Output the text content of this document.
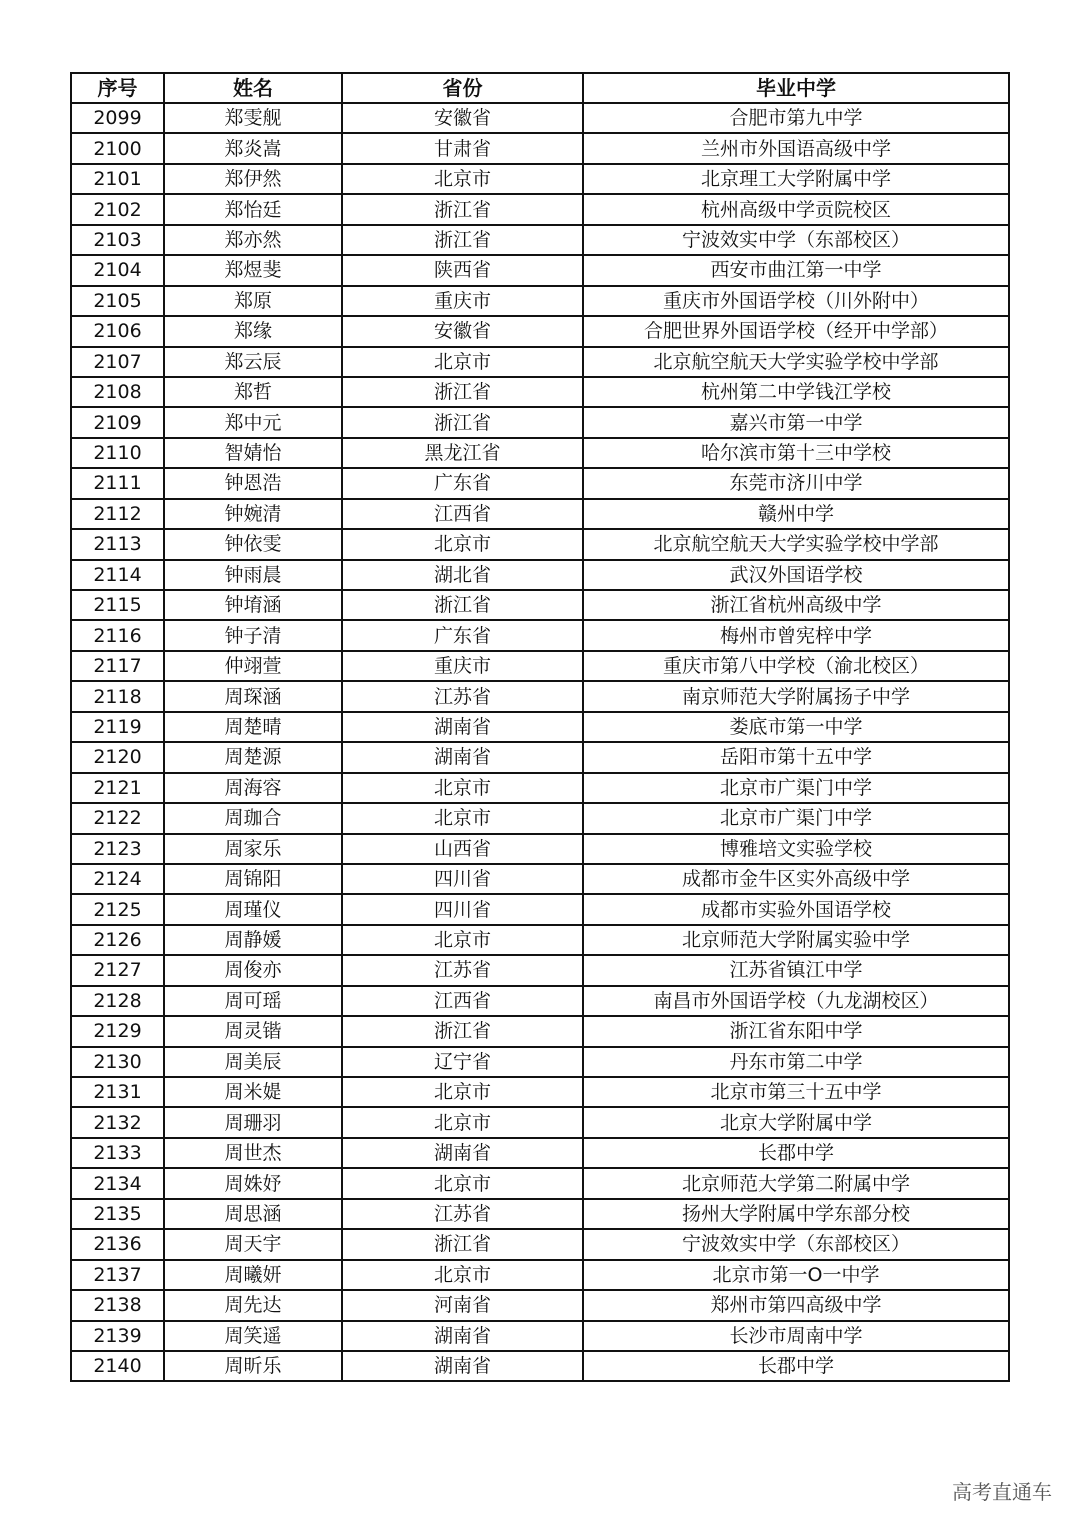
序号	姓名	省份	毕业中学
2099	郑雯舰	安徽省	合肥市第九中学
2100	郑炎嵩	甘肃省	兰州市外国语高级中学
2101	郑伊然	北京市	北京理工大学附属中学
2102	郑怡廷	浙江省	杭州高级中学贡院校区
2103	郑亦然	浙江省	宁波效实中学（东部校区）
2104	郑煜斐	陕西省	西安市曲江第一中学
2105	郑原	重庆市	重庆市外国语学校（川外附中）
2106	郑缘	安徽省	合肥世界外国语学校（经开中学部）
2107	郑云辰	北京市	北京航空航天大学实验学校中学部
2108	郑哲	浙江省	杭州第二中学钱江学校
2109	郑中元	浙江省	嘉兴市第一中学
2110	智婧怡	黑龙江省	哈尔滨市第十三中学校
2111	钟恩浩	广东省	东莞市济川中学
2112	钟婉清	江西省	赣州中学
2113	钟依雯	北京市	北京航空航天大学实验学校中学部
2114	钟雨晨	湖北省	武汉外国语学校
2115	钟堉涵	浙江省	浙江省杭州高级中学
2116	钟子清	广东省	梅州市曾宪梓中学
2117	仲翊萱	重庆市	重庆市第八中学校（渝北校区）
2118	周琛涵	江苏省	南京师范大学附属扬子中学
2119	周楚晴	湖南省	娄底市第一中学
2120	周楚源	湖南省	岳阳市第十五中学
2121	周海容	北京市	北京市广渠门中学
2122	周珈合	北京市	北京市广渠门中学
2123	周家乐	山西省	博雅培文实验学校
2124	周锦阳	四川省	成都市金牛区实外高级中学
2125	周瑾仪	四川省	成都市实验外国语学校
2126	周静媛	北京市	北京师范大学附属实验中学
2127	周俊亦	江苏省	江苏省镇江中学
2128	周可瑶	江西省	南昌市外国语学校（九龙湖校区）
2129	周灵锴	浙江省	浙江省东阳中学
2130	周美辰	辽宁省	丹东市第二中学
2131	周米媞	北京市	北京市第三十五中学
2132	周珊羽	北京市	北京大学附属中学
2133	周世杰	湖南省	长郡中学
2134	周姝妤	北京市	北京师范大学第二附属中学
2135	周思涵	江苏省	扬州大学附属中学东部分校
2136	周天宇	浙江省	宁波效实中学（东部校区）
2137	周曦妍	北京市	北京市第一O一中学
2138	周先达	河南省	郑州市第四高级中学
2139	周笑遥	湖南省	长沙市周南中学
2140	周昕乐	湖南省	长郡中学
高考直通车
